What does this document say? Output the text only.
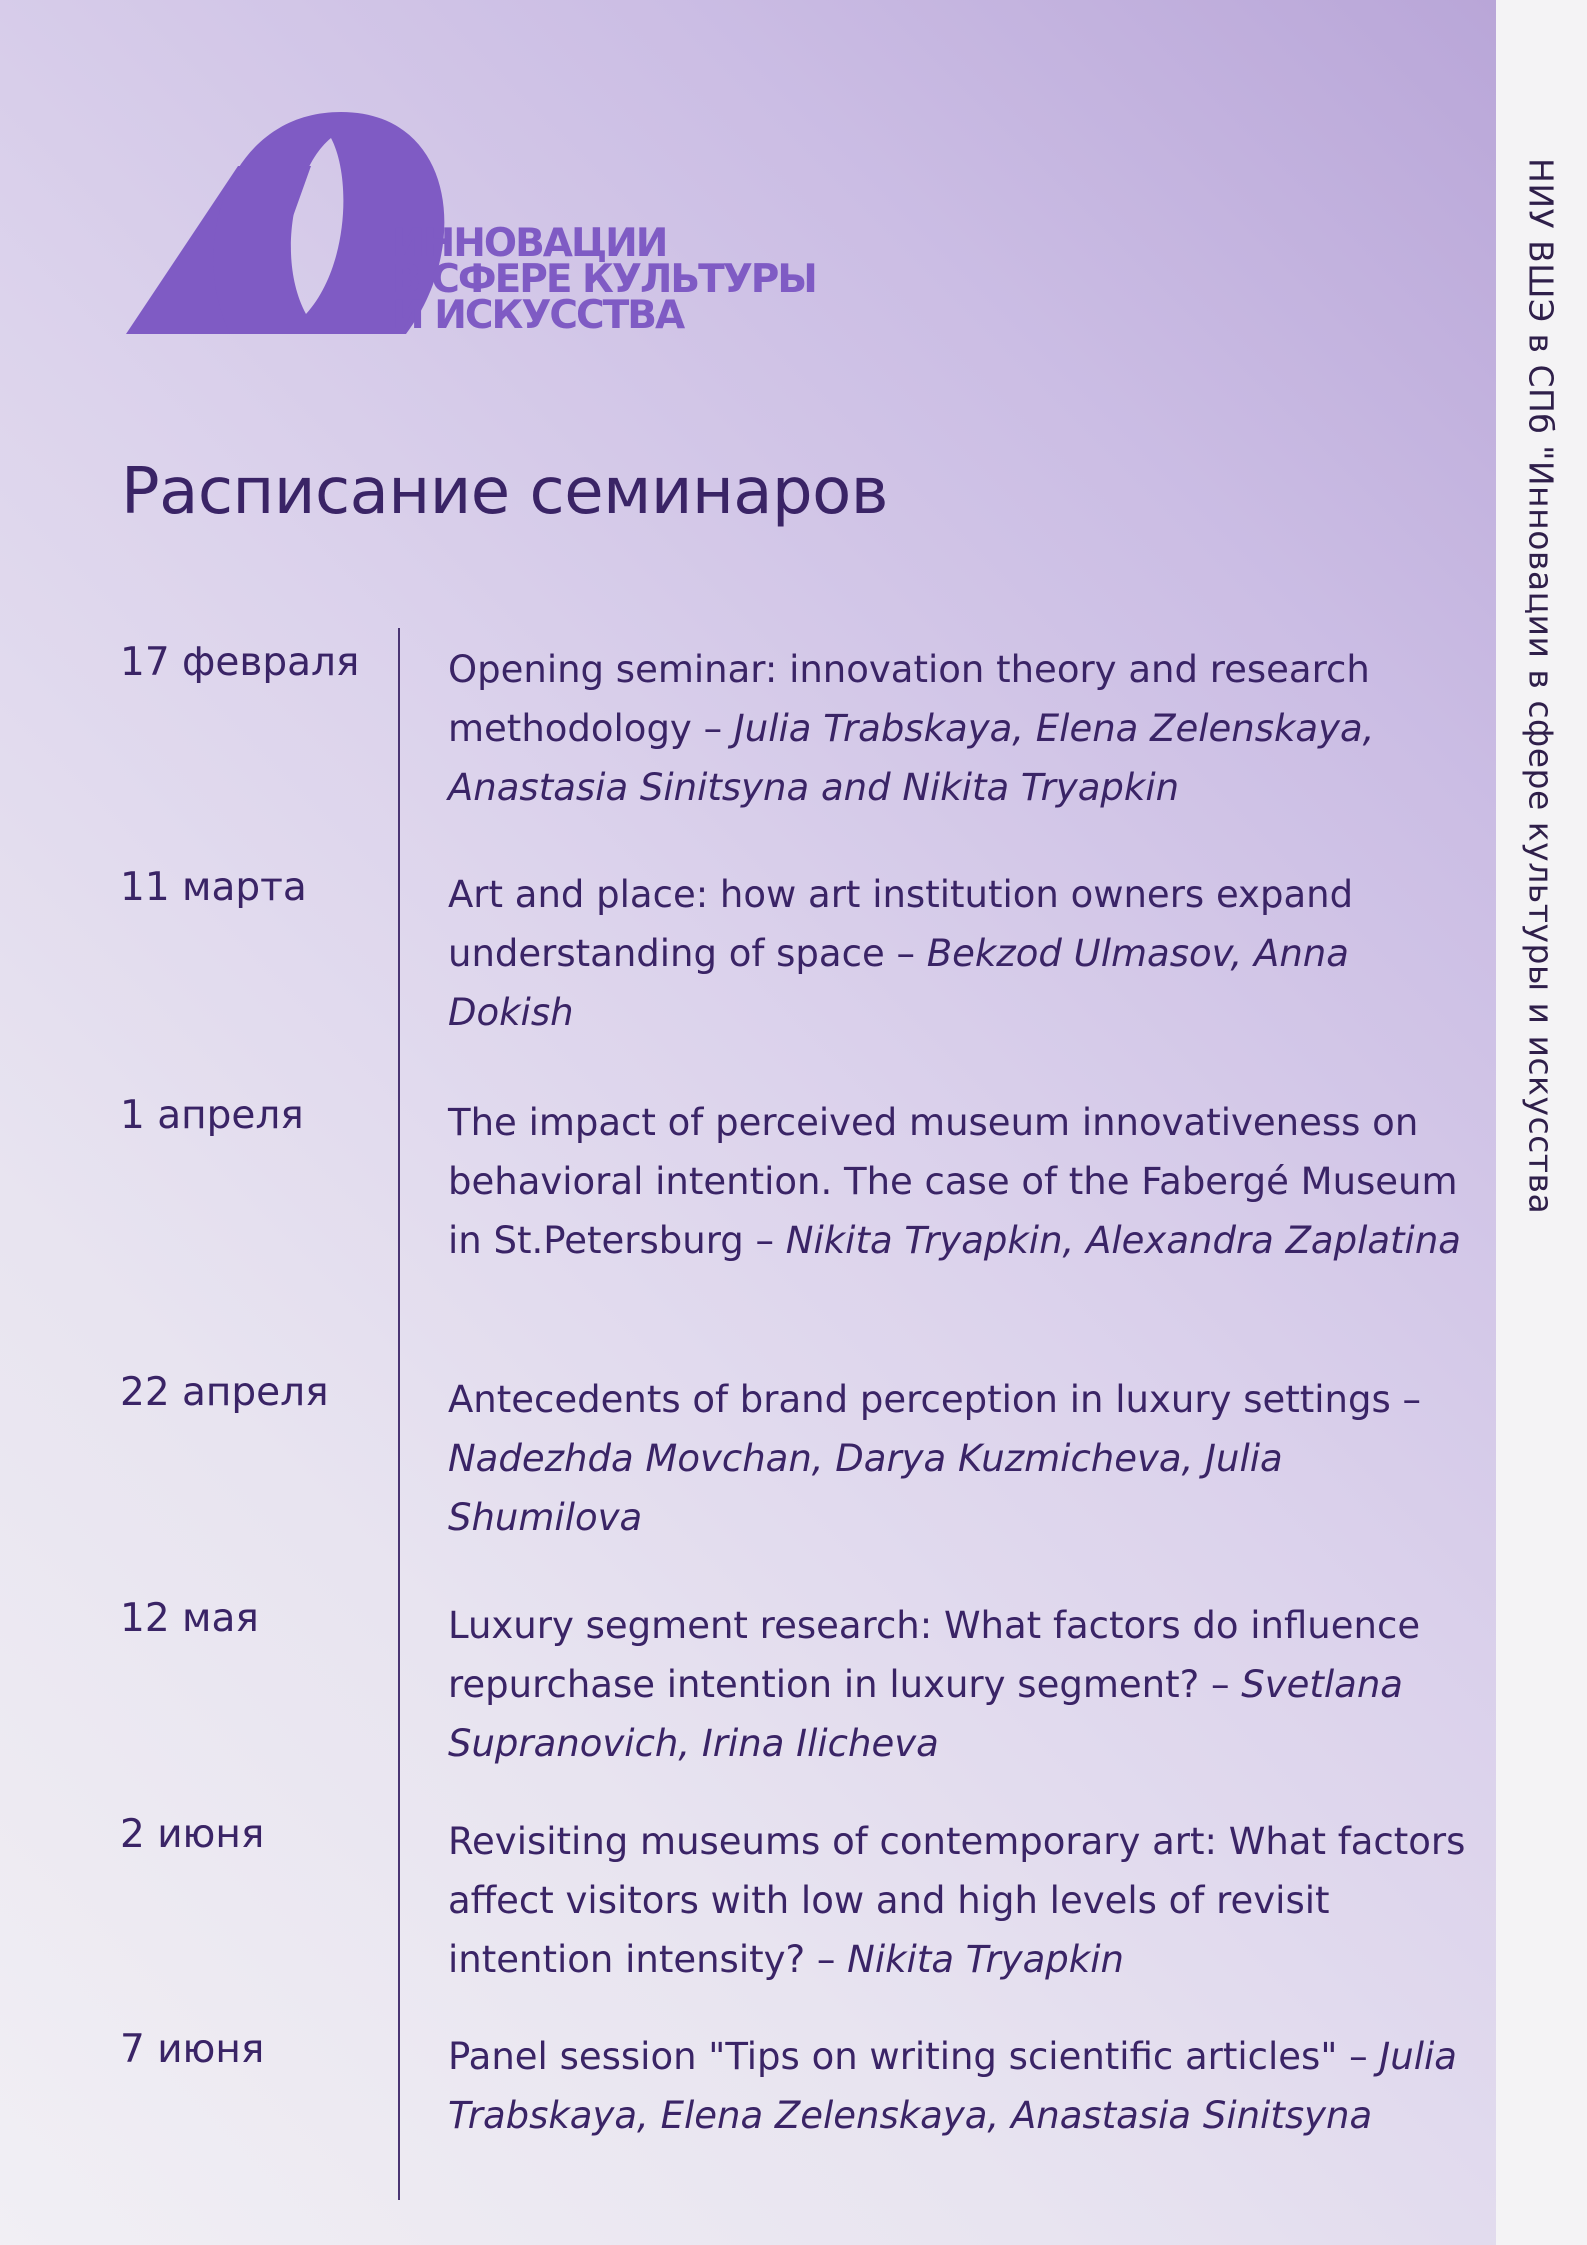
ИННОВАЦИИ
В СФЕРЕ КУЛЬТУРЫ
И ИСКУССТВА
Расписание семинаров
17 февраля Opening seminar: innovation theory and research methodology – Julia Trabskaya, Elena Zelenskaya, Anastasia Sinitsyna and Nikita Tryapkin
11 марта	Art and place: how art institution owners expand understanding of space – Bekzod Ulmasov, Anna Dokish
1 апреля	The impact of perceived museum innovativeness on behavioral intention. The case of the Fabergé Museum in St.Petersburg – Nikita Tryapkin, Alexandra Zaplatina
22 апреля	Antecedents of brand perception in luxury settings – Nadezhda Movchan, Darya Kuzmicheva, Julia Shumilova
12 мая	Luxury segment research: What factors do influence repurchase intention in luxury segment? – Svetlana Supranovich, Irina Ilicheva
2 июня	Revisiting museums of contemporary art: What factors affect visitors with low and high levels of revisit intention intensity? – Nikita Tryapkin
7 июня	Panel session "Tips on writing scientific articles" – Julia Trabskaya, Elena Zelenskaya, Anastasia Sinitsyna
НИУ ВШЭ в СПб "Инновации в сфере культуры и искусства
